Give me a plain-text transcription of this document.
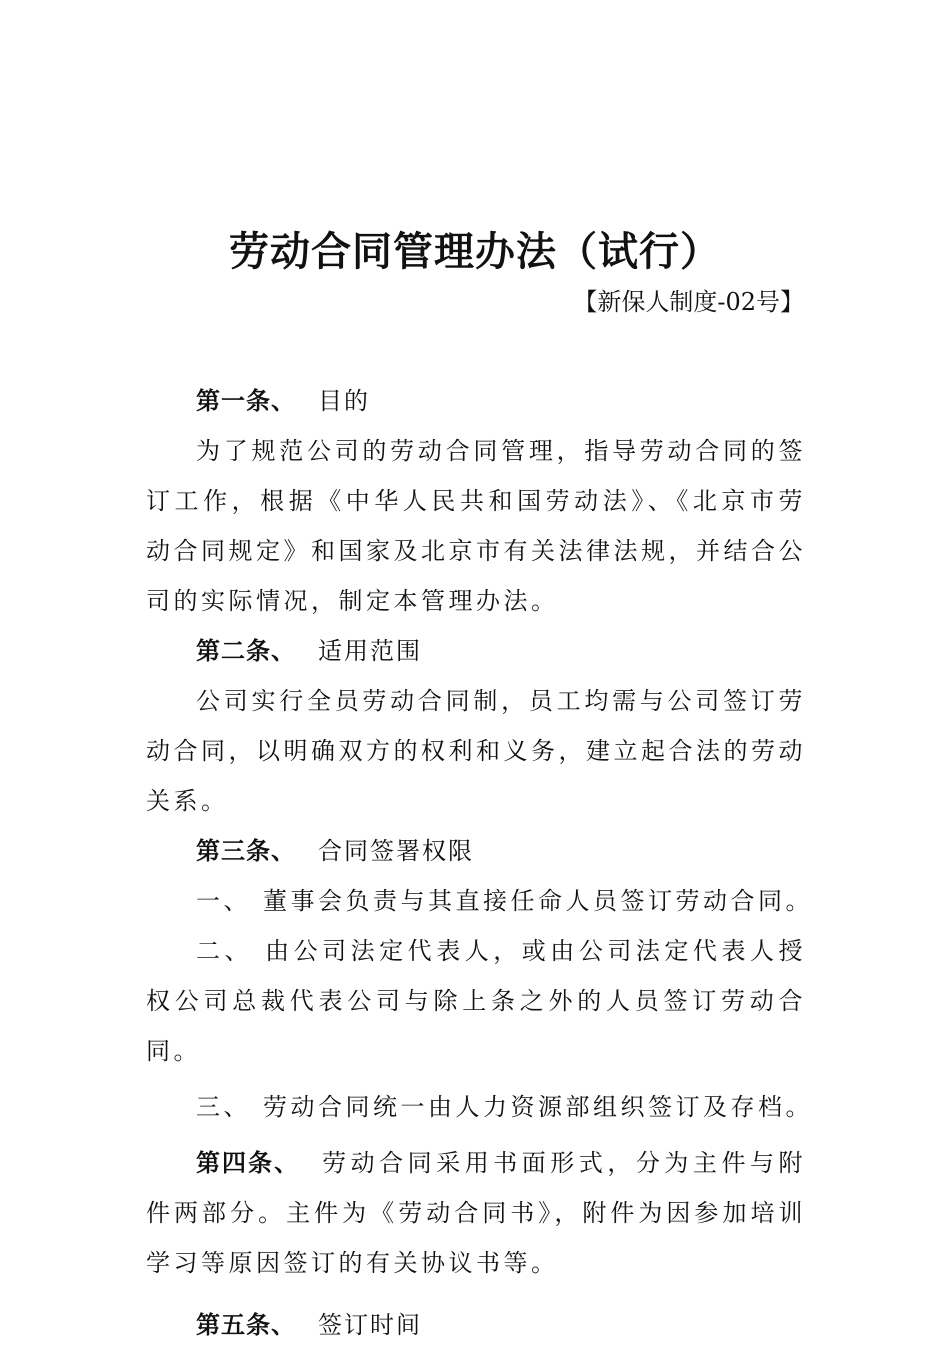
劳动合同管理办法（试行）
【新保人制度-02号】

第一条、 目的

为了规范公司的劳动合同管理，指导劳动合同的签订工作，根据《中华人民共和国劳动法》、《北京市劳动合同规定》和国家及北京市有关法律法规，并结合公司的实际情况，制定本管理办法。

第二条、 适用范围

公司实行全员劳动合同制，员工均需与公司签订劳动合同，以明确双方的权利和义务，建立起合法的劳动关系。

第三条、 合同签署权限

一、 董事会负责与其直接任命人员签订劳动合同。

二、 由公司法定代表人，或由公司法定代表人授权公司总裁代表公司与除上条之外的人员签订劳动合同。

三、 劳动合同统一由人力资源部组织签订及存档。

第四条、 劳动合同采用书面形式，分为主件与附件两部分。主件为《劳动合同书》，附件为因参加培训学习等原因签订的有关协议书等。

第五条、 签订时间
